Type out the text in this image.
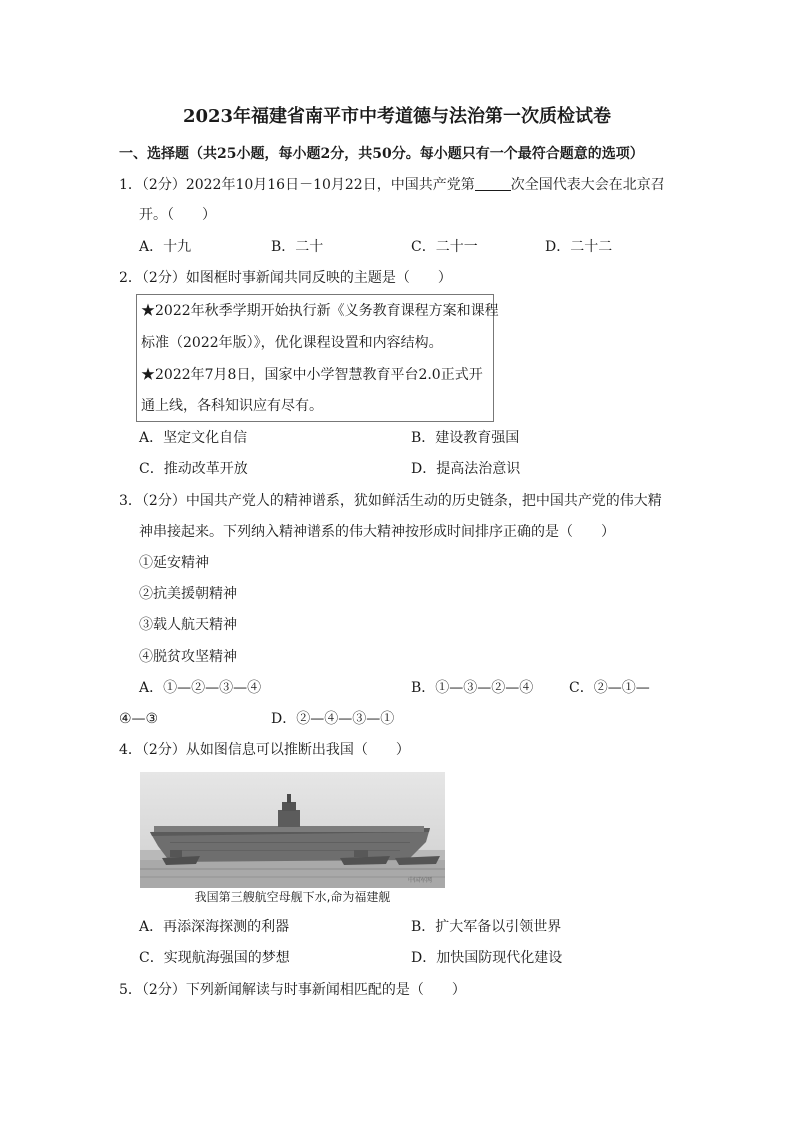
2023年福建省南平市中考道德与法治第一次质检试卷
一、选择题（共25小题，每小题2分，共50分。每小题只有一个最符合题意的选项）
1．（2分）2022年10月16日－10月22日，中国共产党第	次全国代表大会在北京召
开。（　　）
A．十九	B．二十	C．二十一	D．二十二
2．（2分）如图框时事新闻共同反映的主题是（　　）
★2022年秋季学期开始执行新《义务教育课程方案和课程
标准（2022年版）》，优化课程设置和内容结构。
★2022年7月8日，国家中小学智慧教育平台2.0正式开
通上线，各科知识应有尽有。
A．坚定文化自信	B．建设教育强国
C．推动改革开放	D．提高法治意识
3．（2分）中国共产党人的精神谱系，犹如鲜活生动的历史链条，把中国共产党的伟大精
神串接起来。下列纳入精神谱系的伟大精神按形成时间排序正确的是（　　）
①延安精神
②抗美援朝精神
③载人航天精神
④脱贫攻坚精神
A．①—②—③—④	B．①—③—②—④	C．②—①—
④—③	D．②—④—③—①
4．（2分）从如图信息可以推断出我国（　　）
中国军网
我国第三艘航空母舰下水,命为福建舰
A．再添深海探测的利器	B．扩大军备以引领世界
C．实现航海强国的梦想	D．加快国防现代化建设
5．（2分）下列新闻解读与时事新闻相匹配的是（　　）
